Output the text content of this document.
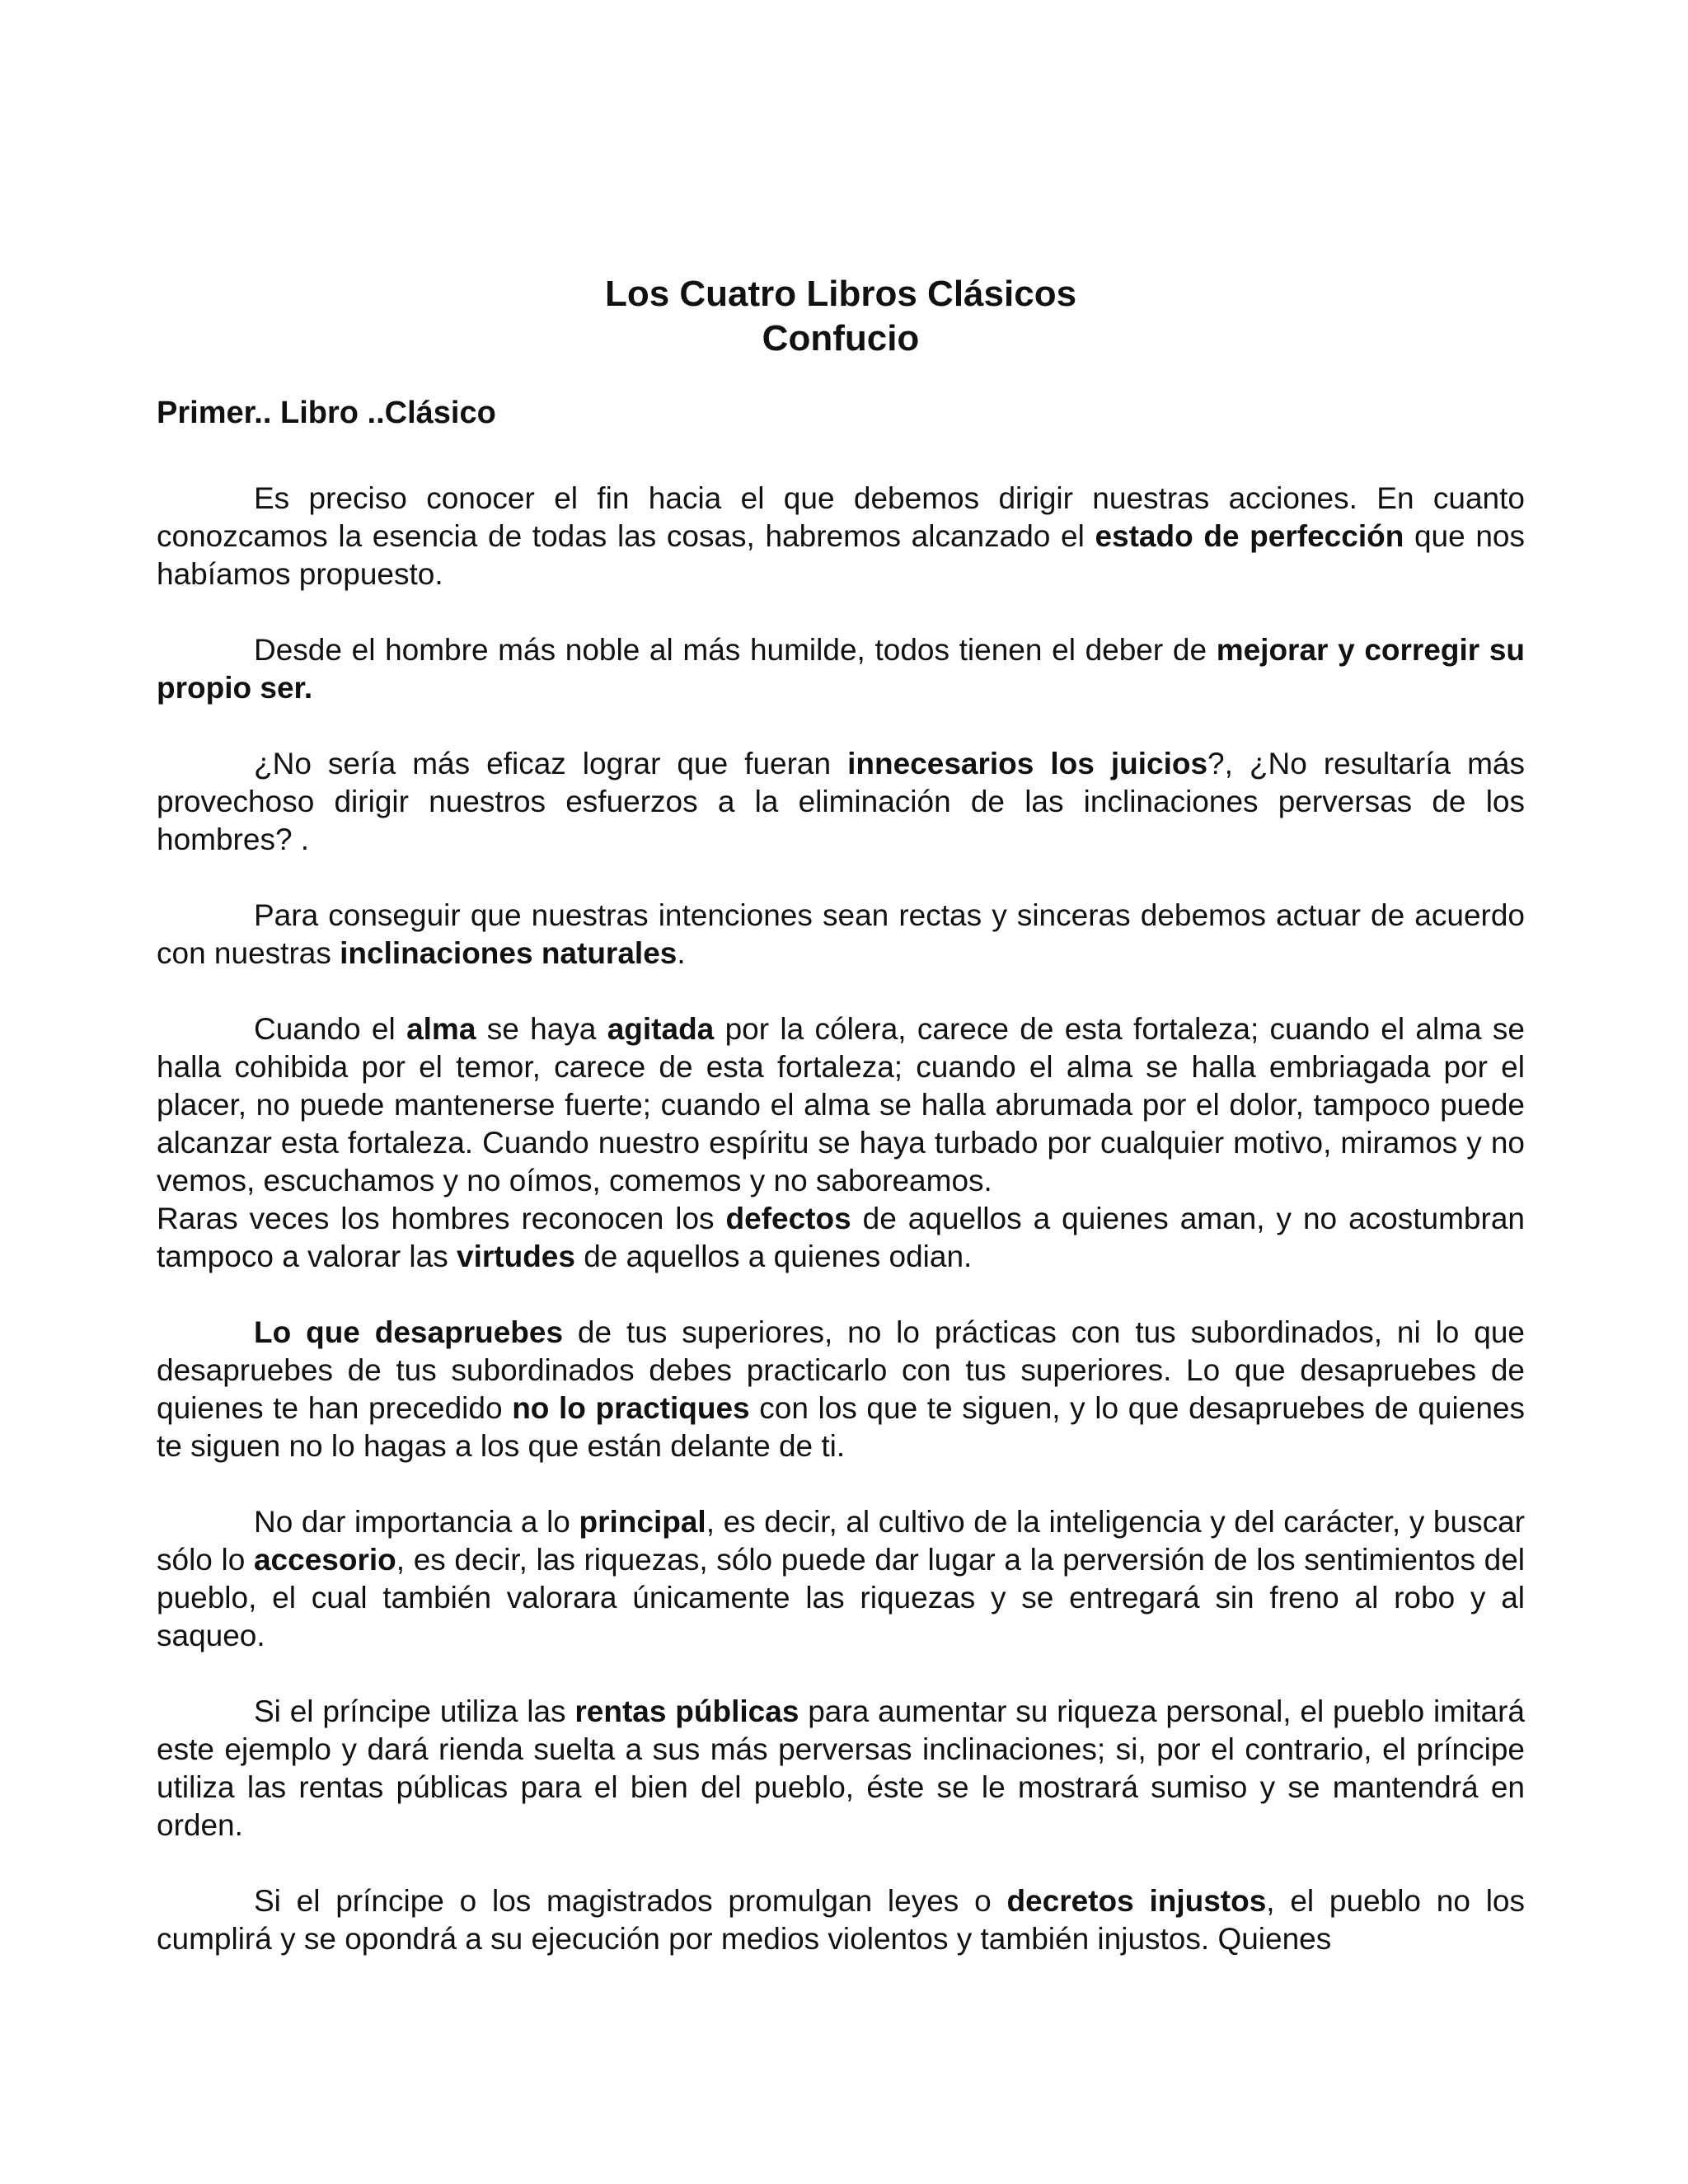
Los Cuatro Libros Clásicos
Confucio
Primer.. Libro ..Clásico

Es preciso conocer el fin hacia el que debemos dirigir nuestras acciones. En cuanto conozcamos la esencia de todas las cosas, habremos alcanzado el estado de perfección que nos habíamos propuesto.

Desde el hombre más noble al más humilde, todos tienen el deber de mejorar y corregir su propio ser.

¿No sería más eficaz lograr que fueran innecesarios los juicios?, ¿No resultaría más provechoso dirigir nuestros esfuerzos a la eliminación de las inclinaciones perversas de los hombres? .

Para conseguir que nuestras intenciones sean rectas y sinceras debemos actuar de acuerdo con nuestras inclinaciones naturales.

Cuando el alma se haya agitada por la cólera, carece de esta fortaleza; cuando el alma se halla cohibida por el temor, carece de esta fortaleza; cuando el alma se halla embriagada por el placer, no puede mantenerse fuerte; cuando el alma se halla abrumada por el dolor, tampoco puede alcanzar esta fortaleza. Cuando nuestro espíritu se haya turbado por cualquier motivo, miramos y no vemos, escuchamos y no oímos, comemos y no saboreamos.

Raras veces los hombres reconocen los defectos de aquellos a quienes aman, y no acostumbran tampoco a valorar las virtudes de aquellos a quienes odian.

Lo que desapruebes de tus superiores, no lo prácticas con tus subordinados, ni lo que desapruebes de tus subordinados debes practicarlo con tus superiores. Lo que desapruebes de quienes te han precedido no lo practiques con los que te siguen, y lo que desapruebes de quienes te siguen no lo hagas a los que están delante de ti.

No dar importancia a lo principal, es decir, al cultivo de la inteligencia y del carácter, y buscar sólo lo accesorio, es decir, las riquezas, sólo puede dar lugar a la perversión de los sentimientos del pueblo, el cual también valorara únicamente las riquezas y se entregará sin freno al robo y al saqueo.

Si el príncipe utiliza las rentas públicas para aumentar su riqueza personal, el pueblo imitará este ejemplo y dará rienda suelta a sus más perversas inclinaciones; si, por el contrario, el príncipe utiliza las rentas públicas para el bien del pueblo, éste se le mostrará sumiso y se mantendrá en orden.

Si el príncipe o los magistrados promulgan leyes o decretos injustos, el pueblo no los cumplirá y se opondrá a su ejecución por medios violentos y también injustos. Quienes
